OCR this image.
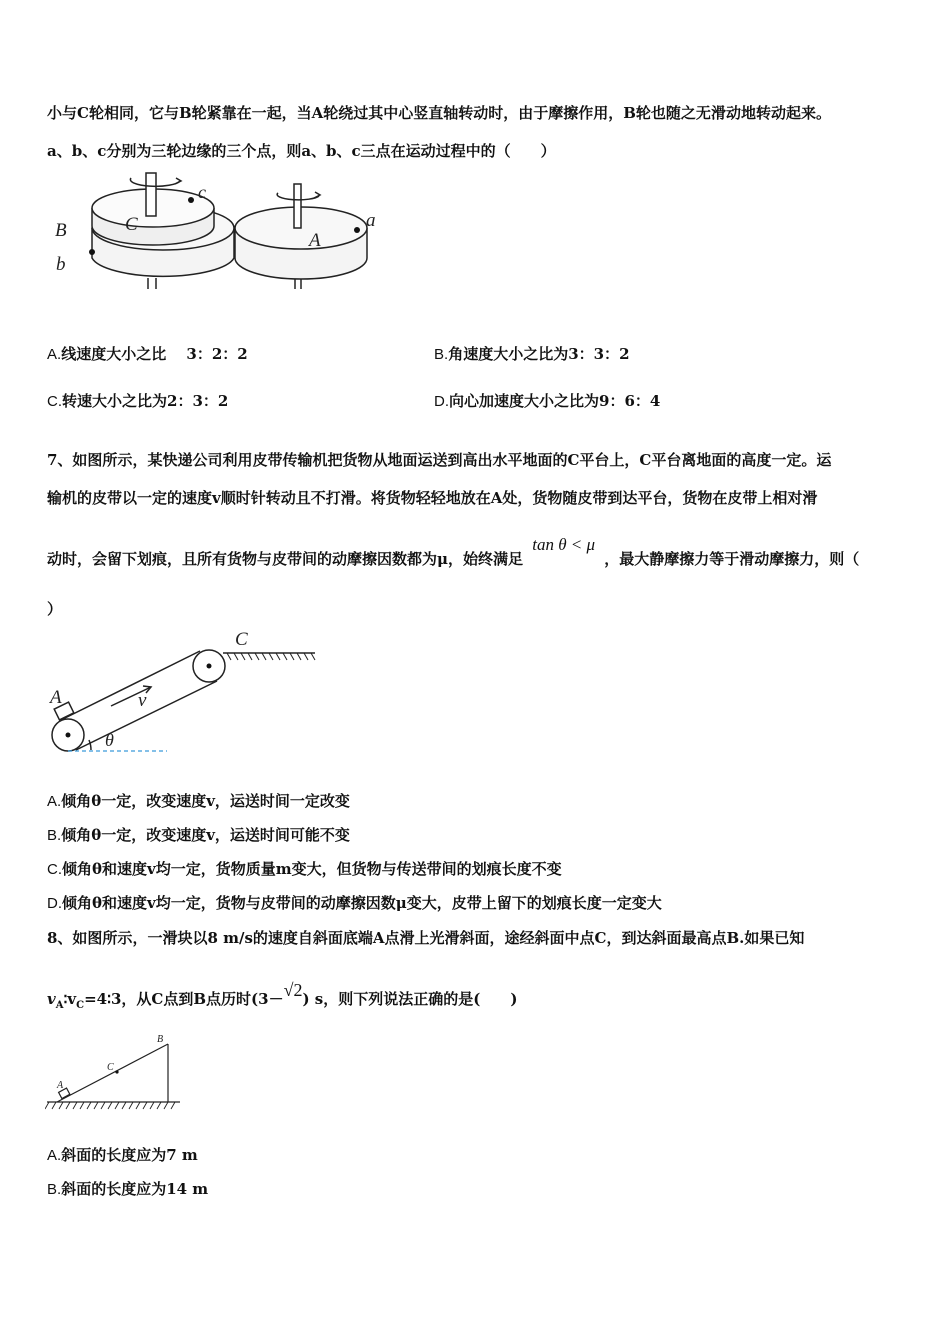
小与C轮相同，它与B轮紧靠在一起，当A轮绕过其中心竖直轴转动时，由于摩擦作用，B轮也随之无滑动地转动起来。
a、b、c分别为三轮边缘的三个点，则a、b、c三点在运动过程中的（　　）
c
C
B
b
A
a
A.线速度大小之比　 3：2：2	B.角速度大小之比为3：3：2
C.转速大小之比为2：3：2	D.向心加速度大小之比为9：6：4
7、如图所示，某快递公司利用皮带传输机把货物从地面运送到高出水平地面的C平台上，C平台离地面的高度一定。运
输机的皮带以一定的速度v顺时针转动且不打滑。将货物轻轻地放在A处，货物随皮带到达平台，货物在皮带上相对滑
动时，会留下划痕，且所有货物与皮带间的动摩擦因数都为μ，始终满足 tan θ < μ ，最大静摩擦力等于滑动摩擦力，则（
）
C
A	v
θ
A.倾角θ一定，改变速度v，运送时间一定改变
B.倾角θ一定，改变速度v，运送时间可能不变
C.倾角θ和速度v均一定，货物质量m变大，但货物与传送带间的划痕长度不变
D.倾角θ和速度v均一定，货物与皮带间的动摩擦因数μ变大，皮带上留下的划痕长度一定变大
8、如图所示，一滑块以8 m/s的速度自斜面底端A点滑上光滑斜面，途经斜面中点C，到达斜面最高点B.如果已知
$v_A∶v_C=4∶3$，从C点到B点历时(3－√2) s，则下列说法正确的是(　　)
A
C
B
A.斜面的长度应为7 m
B.斜面的长度应为14 m
